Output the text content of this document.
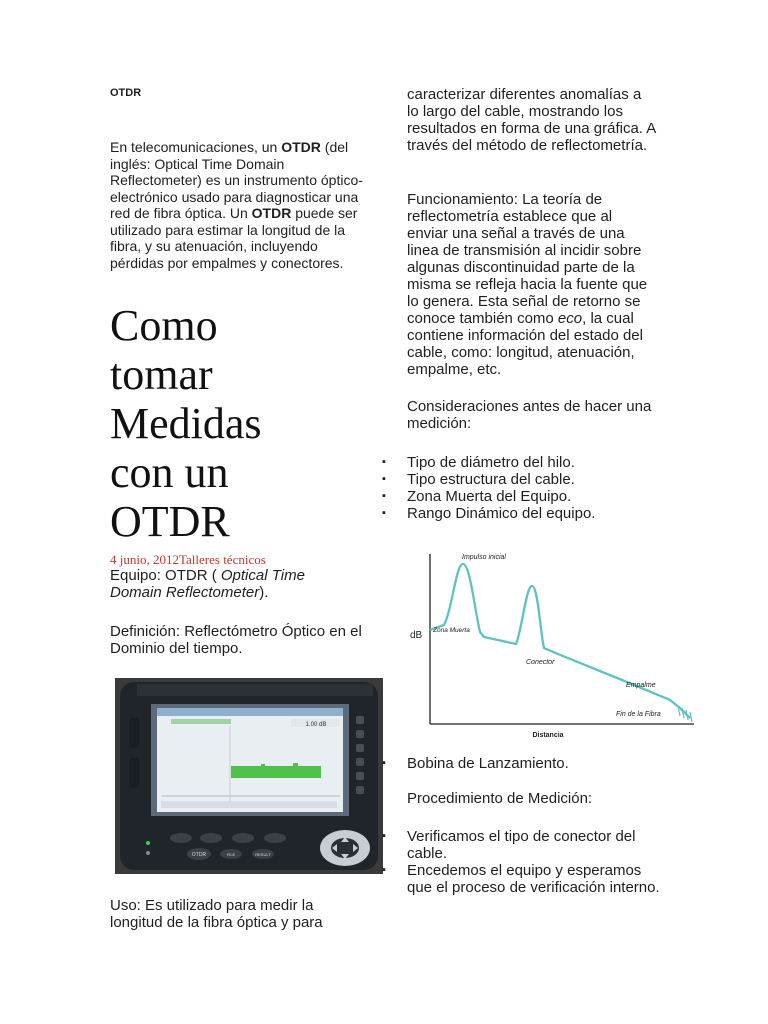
OTDR
En telecomunicaciones, un OTDR (del inglés: Optical Time Domain Reflectometer) es un instrumento óptico-electrónico usado para diagnosticar una red de fibra óptica. Un OTDR puede ser utilizado para estimar la longitud de la fibra, y su atenuación, incluyendo pérdidas por empalmes y conectores.
Como
tomar
Medidas
con un
OTDR
4 junio, 2012Talleres técnicos
Equipo: OTDR ( Optical Time Domain Reflectometer).
Definición: Reflectómetro Óptico en el Dominio del tiempo.
1.00 dB
OTDR	FILE	RESULT
Uso: Es utilizado para medir la longitud de la fibra óptica y para
caracterizar diferentes anomalías a lo largo del cable, mostrando los resultados en forma de una gráfica. A través del método de reflectometría.
Funcionamiento: La teoría de reflectometría establece que al enviar una señal a través de una linea de transmisión al incidir sobre algunas discontinuidad parte de la misma se refleja hacia la fuente que lo genera. Esta señal de retorno se conoce también como eco, la cual contiene información del estado del cable, como: longitud, atenuación, empalme, etc.
Consideraciones antes de hacer una medición:
▪ Tipo de diámetro del hilo.
▪ Tipo estructura del cable.
▪ Zona Muerta del Equipo.
▪ Rango Dinámico del equipo.
dB
Distancia
Impulso inicial
Zona Muerta
Conector
Empalme
Fin de la Fibra
▪ Bobina de Lanzamiento.
Procedimiento de Medición:
▪ Verificamos el tipo de conector del cable.
▪ Encedemos el equipo y esperamos que el proceso de verificación interno.
